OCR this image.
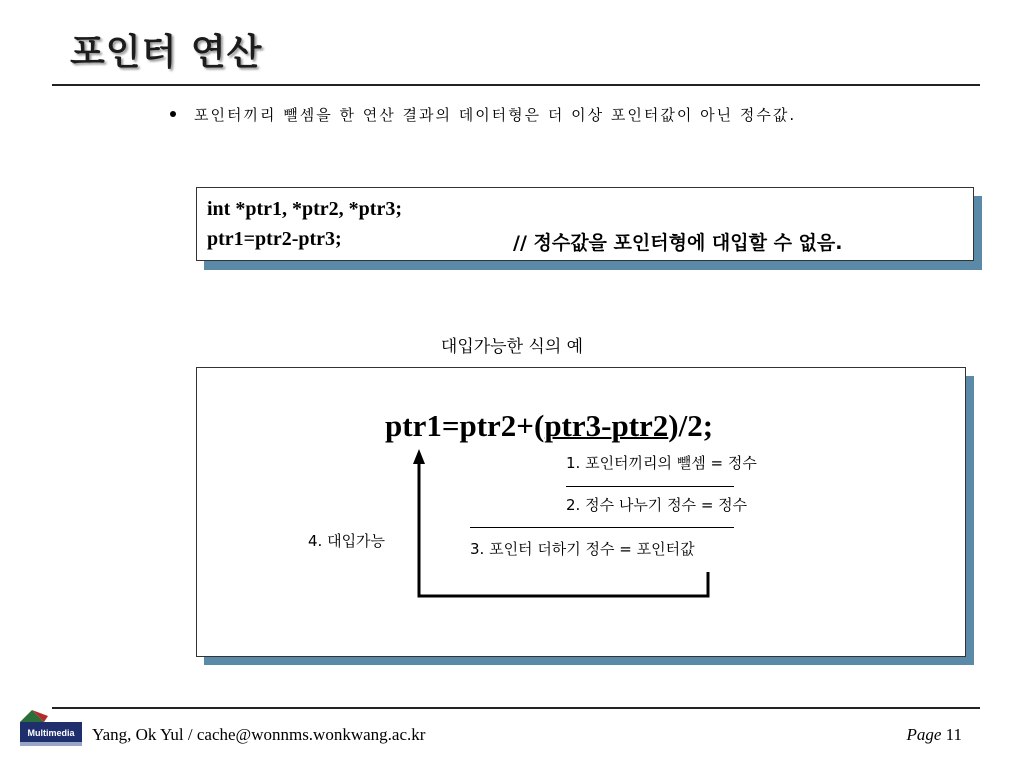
포인터 연산
포인터끼리 뺄셈을 한 연산 결과의 데이터형은 더 이상 포인터값이 아닌 정수값.
int *ptr1, *ptr2, *ptr3;
ptr1=ptr2-ptr3;	// 정수값을 포인터형에 대입할 수 없음.
대입가능한 식의 예
ptr1=ptr2+(ptr3-ptr2)/2;
1. 포인터끼리의 뺄셈 = 정수
2. 정수 나누기 정수 = 정수
3. 포인터 더하기 정수 = 포인터값
4. 대입가능
Multimedia Yang, Ok Yul / cache@wonnms.wonkwang.ac.kr	Page 11
